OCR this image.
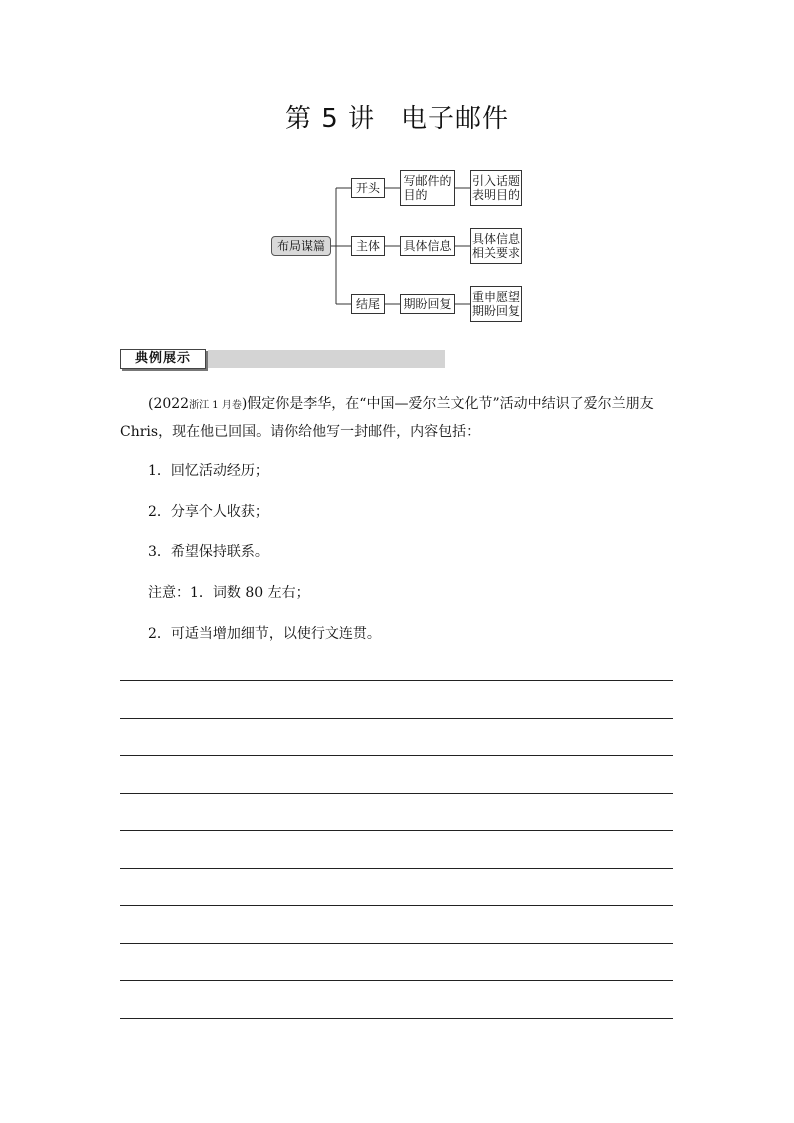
第 5 讲 电子邮件
布局谋篇
开头 写邮件的
目的
引入话题
表明目的
主体 具体信息 具体信息
相关要求
结尾 期盼回复 重申愿望
期盼回复
典例展示
(2022浙江 1 月卷)假定你是李华，在“中国—爱尔兰文化节”活动中结识了爱尔兰朋友
Chris，现在他已回国。请你给他写一封邮件，内容包括：
1．回忆活动经历；
2．分享个人收获；
3．希望保持联系。
注意：1．词数 80 左右；
2．可适当增加细节，以使行文连贯。
